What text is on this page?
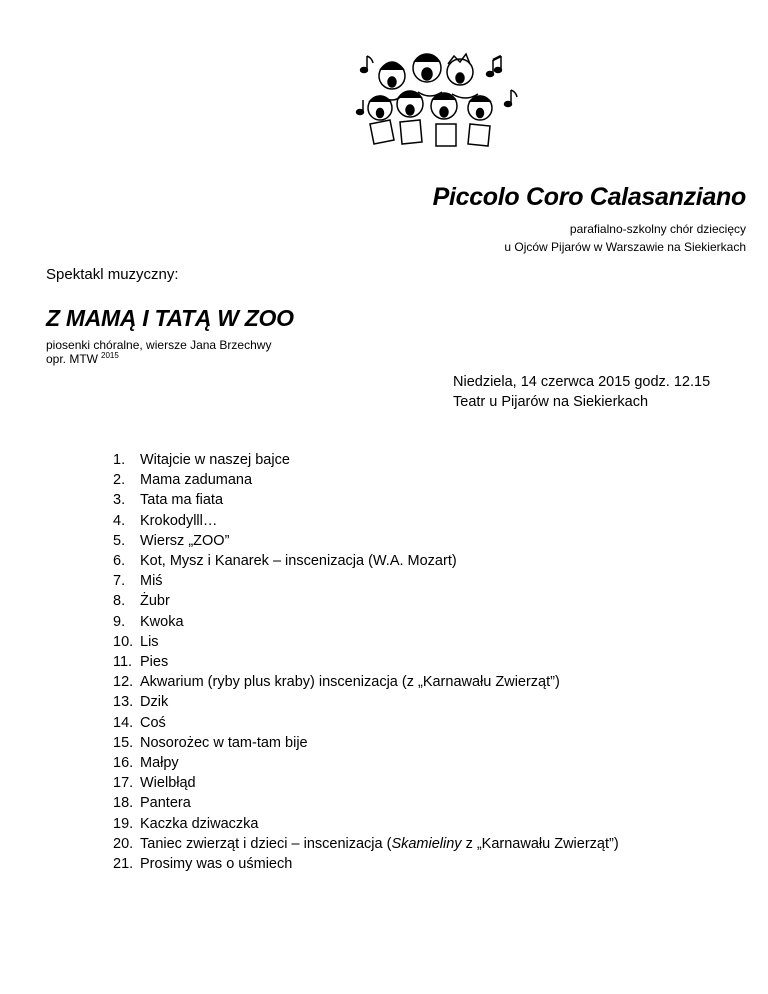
Piccolo Coro Calasanziano
parafialno-szkolny chór dziecięcy
u Ojców Pijarów w Warszawie na Siekierkach
Spektakl muzyczny:
Z MAMĄ I TATĄ W ZOO
piosenki chóralne, wiersze Jana Brzechwy
opr. MTW $^{2015}$
Niedziela, 14 czerwca 2015 godz. 12.15
Teatr u Pijarów na Siekierkach
1.	Witajcie w naszej bajce
2.	Mama zadumana
3.	Tata ma fiata
4.	Krokodylll…
5.	Wiersz „ZOO”
6.	Kot, Mysz i Kanarek – inscenizacja (W.A. Mozart)
7.	Miś
8.	Żubr
9.	Kwoka
10. Lis
11. Pies
12. Akwarium (ryby plus kraby) inscenizacja (z „Karnawału Zwierząt”)
13. Dzik
14. Coś
15. Nosorożec w tam-tam bije
16. Małpy
17. Wielbłąd
18. Pantera
19. Kaczka dziwaczka
20. Taniec zwierząt i dzieci – inscenizacja (Skamieliny z „Karnawału Zwierząt”)
21. Prosimy was o uśmiech
